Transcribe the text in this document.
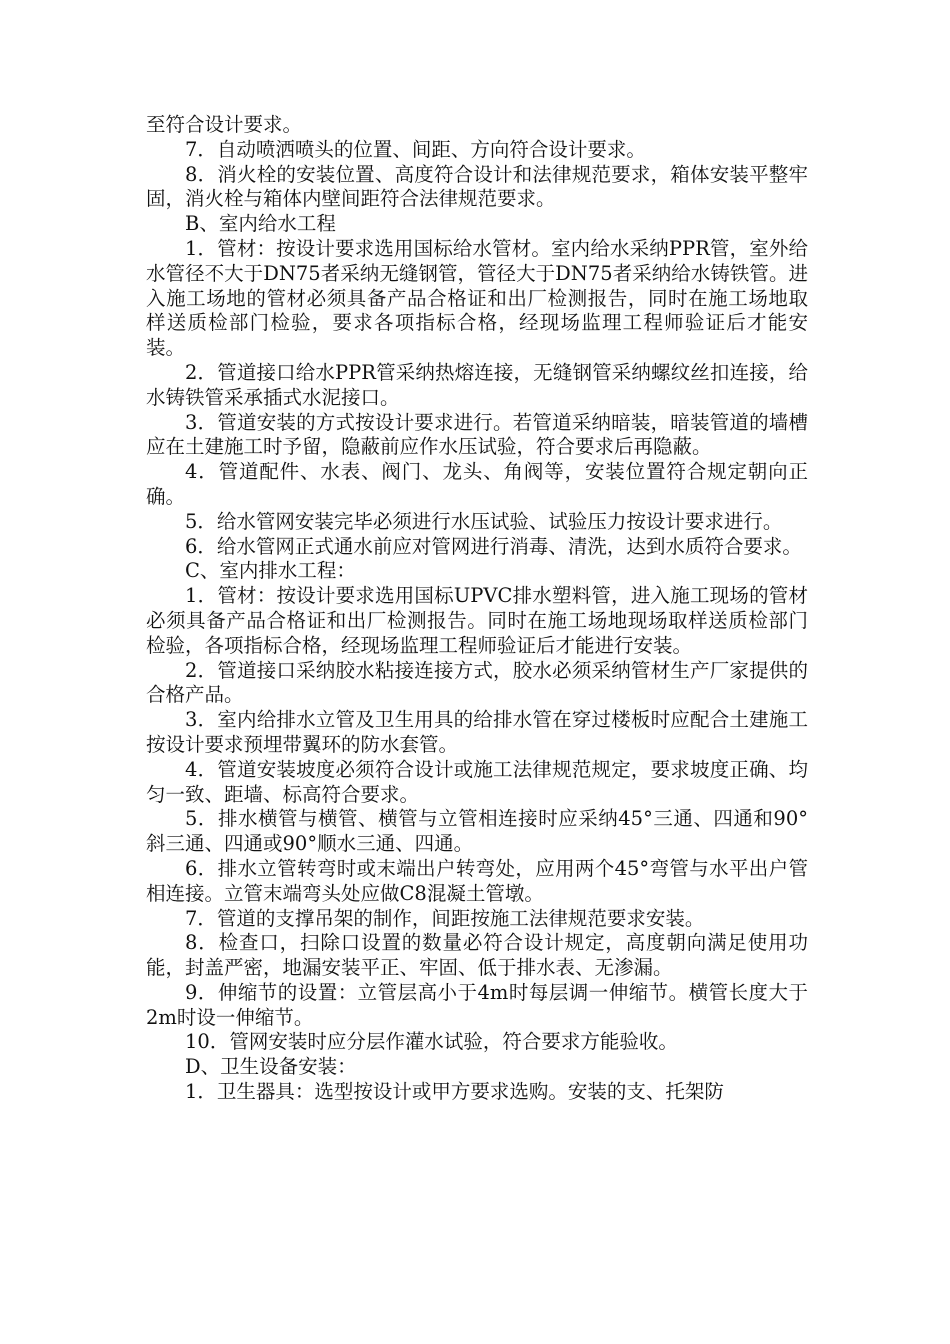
至符合设计要求。

7．自动喷洒喷头的位置、间距、方向符合设计要求。

8．消火栓的安装位置、高度符合设计和法律规范要求，箱体安装平整牢固，消火栓与箱体内壁间距符合法律规范要求。

B、室内给水工程

1．管材：按设计要求选用国标给水管材。室内给水采纳PPR管，室外给水管径不大于DN75者采纳无缝钢管，管径大于DN75者采纳给水铸铁管。进入施工场地的管材必须具备产品合格证和出厂检测报告，同时在施工场地取样送质检部门检验，要求各项指标合格，经现场监理工程师验证后才能安装。

2．管道接口给水PPR管采纳热熔连接，无缝钢管采纳螺纹丝扣连接，给水铸铁管采承插式水泥接口。

3．管道安装的方式按设计要求进行。若管道采纳暗装，暗装管道的墙槽应在土建施工时予留，隐蔽前应作水压试验，符合要求后再隐蔽。

4．管道配件、水表、阀门、龙头、角阀等，安装位置符合规定朝向正确。

5．给水管网安装完毕必须进行水压试验、试验压力按设计要求进行。

6．给水管网正式通水前应对管网进行消毒、清洗，达到水质符合要求。

C、室内排水工程：

1．管材：按设计要求选用国标UPVC排水塑料管，进入施工现场的管材必须具备产品合格证和出厂检测报告。同时在施工场地现场取样送质检部门检验，各项指标合格，经现场监理工程师验证后才能进行安装。

2．管道接口采纳胶水粘接连接方式，胶水必须采纳管材生产厂家提供的合格产品。

3．室内给排水立管及卫生用具的给排水管在穿过楼板时应配合土建施工按设计要求预埋带翼环的防水套管。

4．管道安装坡度必须符合设计或施工法律规范规定，要求坡度正确、均匀一致、距墙、标高符合要求。

5．排水横管与横管、横管与立管相连接时应采纳45°三通、四通和90°斜三通、四通或90°顺水三通、四通。

6．排水立管转弯时或末端出户转弯处，应用两个45°弯管与水平出户管相连接。立管末端弯头处应做C8混凝土管墩。

7．管道的支撑吊架的制作，间距按施工法律规范要求安装。

8．检查口，扫除口设置的数量必符合设计规定，高度朝向满足使用功能，封盖严密，地漏安装平正、牢固、低于排水表、无渗漏。

9．伸缩节的设置：立管层高小于4m时每层调一伸缩节。横管长度大于2m时设一伸缩节。

10．管网安装时应分层作灌水试验，符合要求方能验收。

D、卫生设备安装：

1．卫生器具：选型按设计或甲方要求选购。安装的支、托架防
